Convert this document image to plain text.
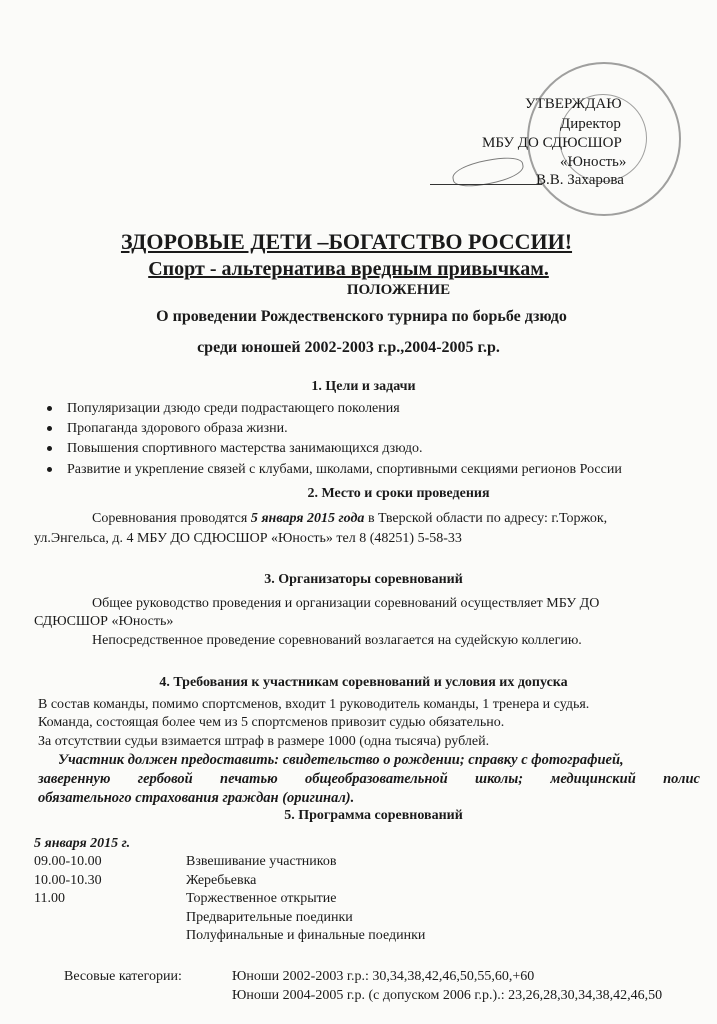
УТВЕРЖДАЮ
Директор
МБУ ДО СДЮСШОР
«Юность»
В.В. Захарова
ЗДОРОВЫЕ ДЕТИ –БОГАТСТВО РОССИИ!
Спорт - альтернатива вредным привычкам.
ПОЛОЖЕНИЕ
О проведении Рождественского турнира по борьбе дзюдо
среди юношей 2002-2003 г.р.,2004-2005 г.р.
1. Цели и задачи
Популяризации дзюдо среди подрастающего поколения
Пропаганда здорового образа жизни.
Повышения спортивного мастерства занимающихся дзюдо.
Развитие и укрепление связей с клубами, школами, спортивными секциями регионов России
2. Место и сроки проведения
Соревнования проводятся 5 января 2015 года в Тверской области по адресу: г.Торжок,
ул.Энгельса, д. 4 МБУ ДО СДЮСШОР «Юность» тел 8 (48251) 5-58-33
3. Организаторы соревнований
Общее руководство проведения и организации соревнований осуществляет МБУ ДО
СДЮСШОР «Юность»
Непосредственное проведение соревнований возлагается на судейскую коллегию.
4. Требования к участникам соревнований и условия их допуска
В состав команды, помимо спортсменов, входит 1 руководитель команды, 1 тренера и судья.
Команда, состоящая более чем из 5 спортсменов привозит судью обязательно.
За отсутствии судьи взимается штраф в размере 1000 (одна тысяча) рублей.
Участник должен предоставить: свидетельство о рождении; справку с фотографией,
заверенную гербовой печатью общеобразовательной школы; медицинский полис
обязательного страхования граждан (оригинал).
5. Программа соревнований
5 января 2015 г.
09.00-10.00	Взвешивание участников
10.00-10.30	Жеребьевка
11.00	Торжественное открытие
Предварительные поединки
Полуфинальные и финальные поединки
Весовые категории:	Юноши 2002-2003 г.р.: 30,34,38,42,46,50,55,60,+60
Юноши 2004-2005 г.р. (с допуском 2006 г.р.).: 23,26,28,30,34,38,42,46,50
